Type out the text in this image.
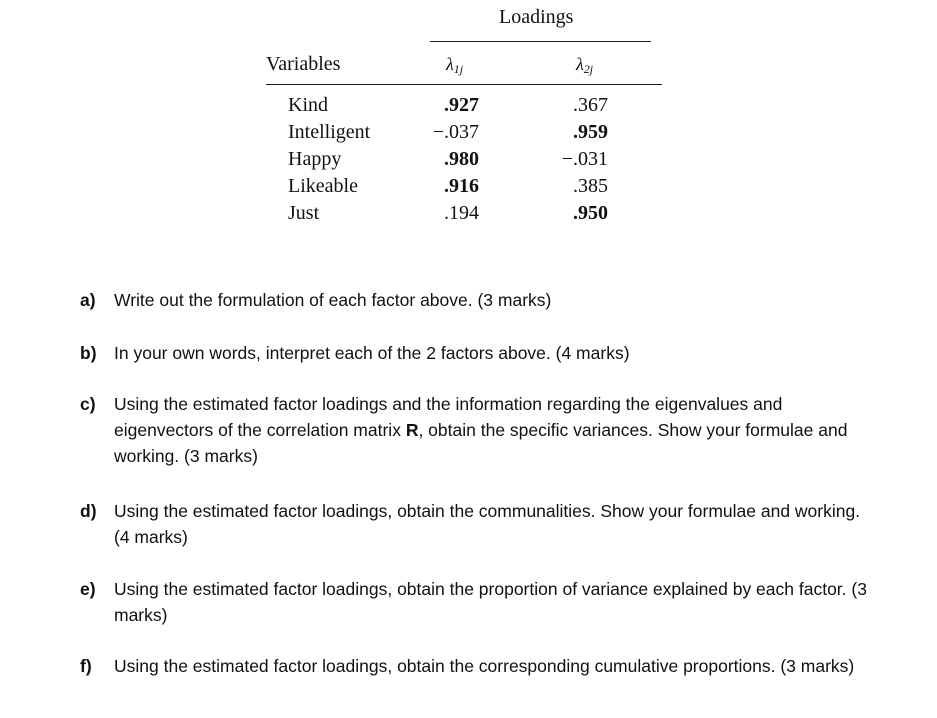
Loadings
Variables	$\lambda_{1j}$	$\lambda_{2j}$
Kind	.927	.367
Intelligent	−.037	.959
Happy	.980	−.031
Likeable	.916	.385
Just	.194	.950
a)	Write out the formulation of each factor above. (3 marks)
b) In your own words, interpret each of the 2 factors above. (4 marks)
c)	Using the estimated factor loadings and the information regarding the eigenvalues and eigenvectors of the correlation matrix R, obtain the specific variances. Show your formulae and working. (3 marks)
d) Using the estimated factor loadings, obtain the communalities. Show your formulae and working. (4 marks)
e)	Using the estimated factor loadings, obtain the proportion of variance explained by each factor. (3 marks)
f)	Using the estimated factor loadings, obtain the corresponding cumulative proportions. (3 marks)
